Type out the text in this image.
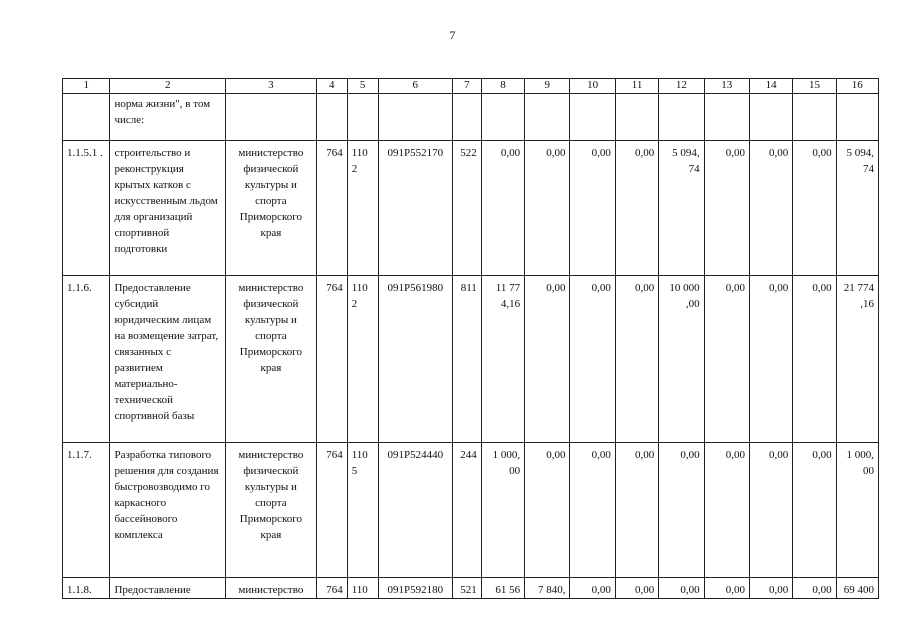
7
1	2	3	4	5	6	7	8	9	10	11	12	13	14	15	16
	норма жизни", в том числе:														
1.1.5.1 .	строительство и реконструкция крытых катков с искусственным льдом для организаций спортивной подготовки	министерство физической культуры и спорта Приморского края	764	110 2	091P552170	522	0,00	0,00	0,00	0,00	5 094, 74	0,00	0,00	0,00	5 094, 74
1.1.6.	Предоставление субсидий юридическим лицам на возмещение затрат, связанных с развитием материально-технической спортивной базы	министерство физической культуры и спорта Приморского края	764	110 2	091P561980	811	11 77 4,16	0,00	0,00	0,00	10 000 ,00	0,00	0,00	0,00	21 774 ,16
1.1.7.	Разработка типового решения для создания быстровозводимо го каркасного бассейнового комплекса	министерство физической культуры и спорта Приморского края	764	110 5	091P524440	244	1 000, 00	0,00	0,00	0,00	0,00	0,00	0,00	0,00	1 000, 00
1.1.8.	Предоставление	министерство	764	110	091P592180	521	61 56	7 840,	0,00	0,00	0,00	0,00	0,00	0,00	69 400
